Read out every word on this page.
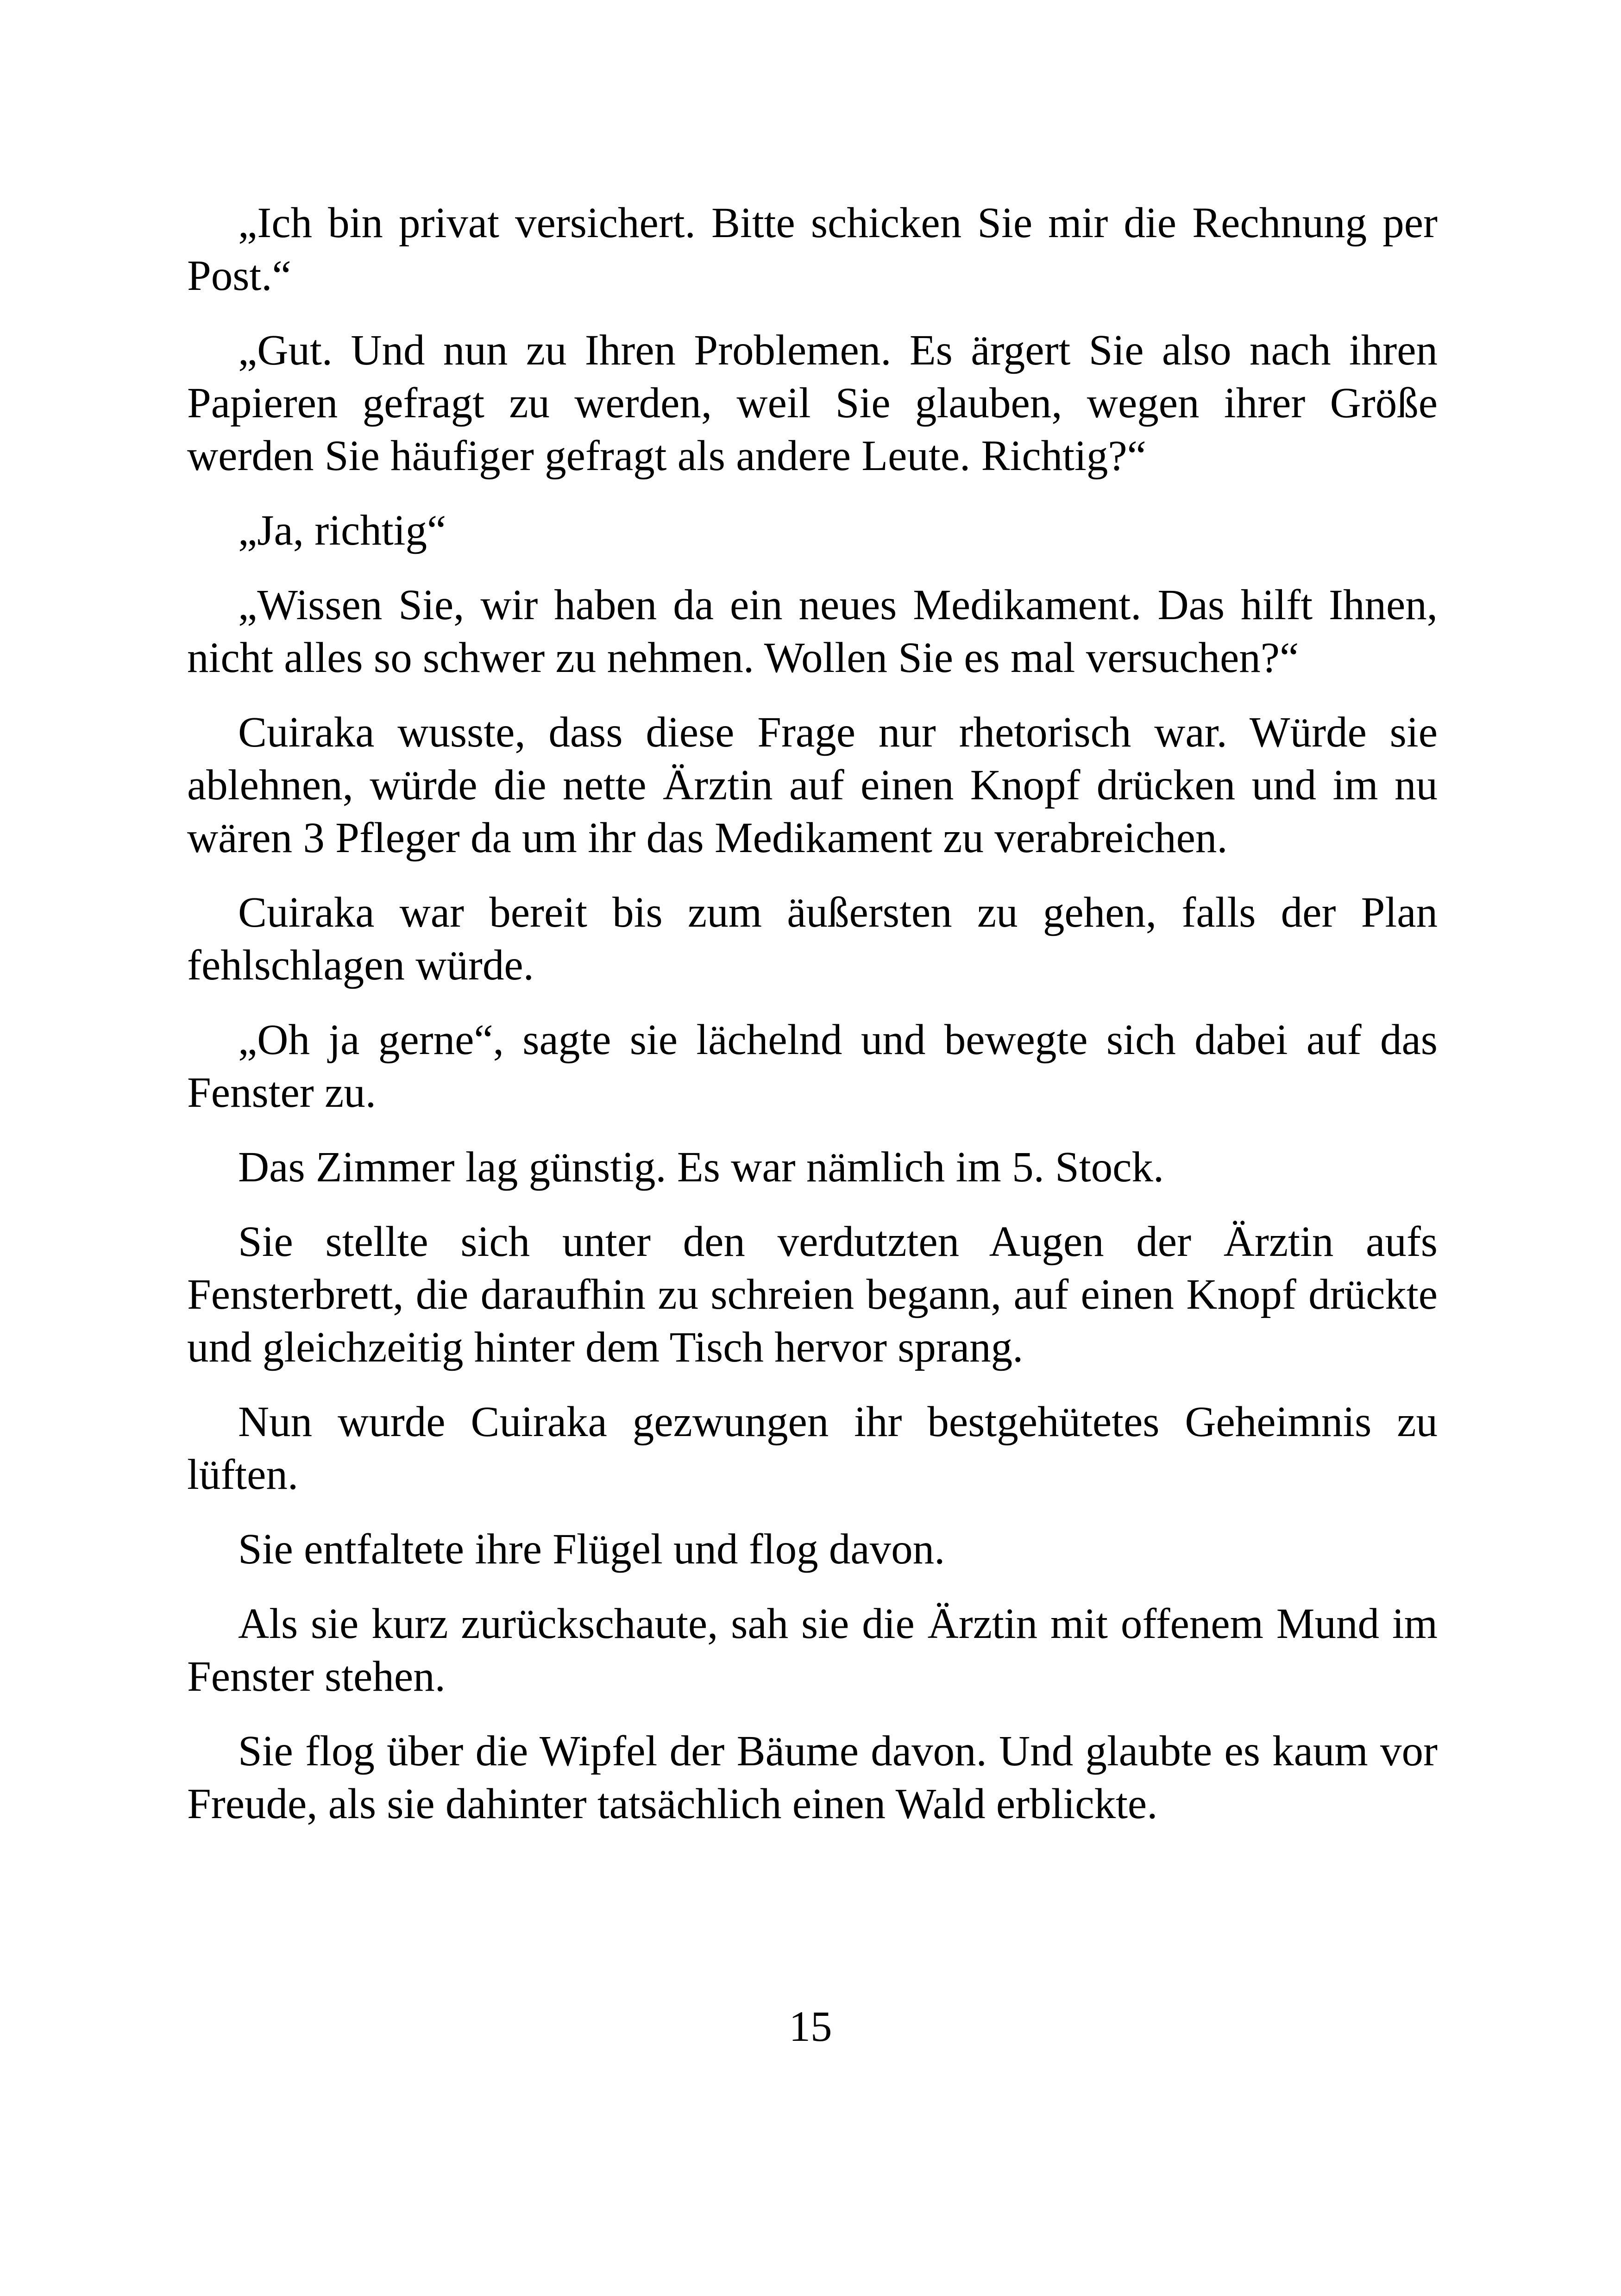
„Ich bin privat versichert. Bitte schicken Sie mir die Rechnung per Post.“

„Gut. Und nun zu Ihren Problemen. Es ärgert Sie also nach ihren Papieren gefragt zu werden, weil Sie glauben, wegen ihrer Größe werden Sie häufiger gefragt als andere Leute. Richtig?“

„Ja, richtig“

„Wissen Sie, wir haben da ein neues Medikament. Das hilft Ihnen, nicht alles so schwer zu nehmen. Wollen Sie es mal versuchen?“

Cuiraka wusste, dass diese Frage nur rhetorisch war. Würde sie ablehnen, würde die nette Ärztin auf einen Knopf drücken und im nu wären 3 Pfleger da um ihr das Medikament zu verabreichen.

Cuiraka war bereit bis zum äußersten zu gehen, falls der Plan fehlschlagen würde.

„Oh ja gerne“, sagte sie lächelnd und bewegte sich dabei auf das Fenster zu.

Das Zimmer lag günstig. Es war nämlich im 5. Stock.

Sie stellte sich unter den verdutzten Augen der Ärztin aufs Fensterbrett, die daraufhin zu schreien begann, auf einen Knopf drückte und gleichzeitig hinter dem Tisch hervor sprang.

Nun wurde Cuiraka gezwungen ihr bestgehütetes Geheimnis zu lüften.

Sie entfaltete ihre Flügel und flog davon.

Als sie kurz zurückschaute, sah sie die Ärztin mit offenem Mund im Fenster stehen.

Sie flog über die Wipfel der Bäume davon. Und glaubte es kaum vor Freude, als sie dahinter tatsächlich einen Wald erblickte.

15
